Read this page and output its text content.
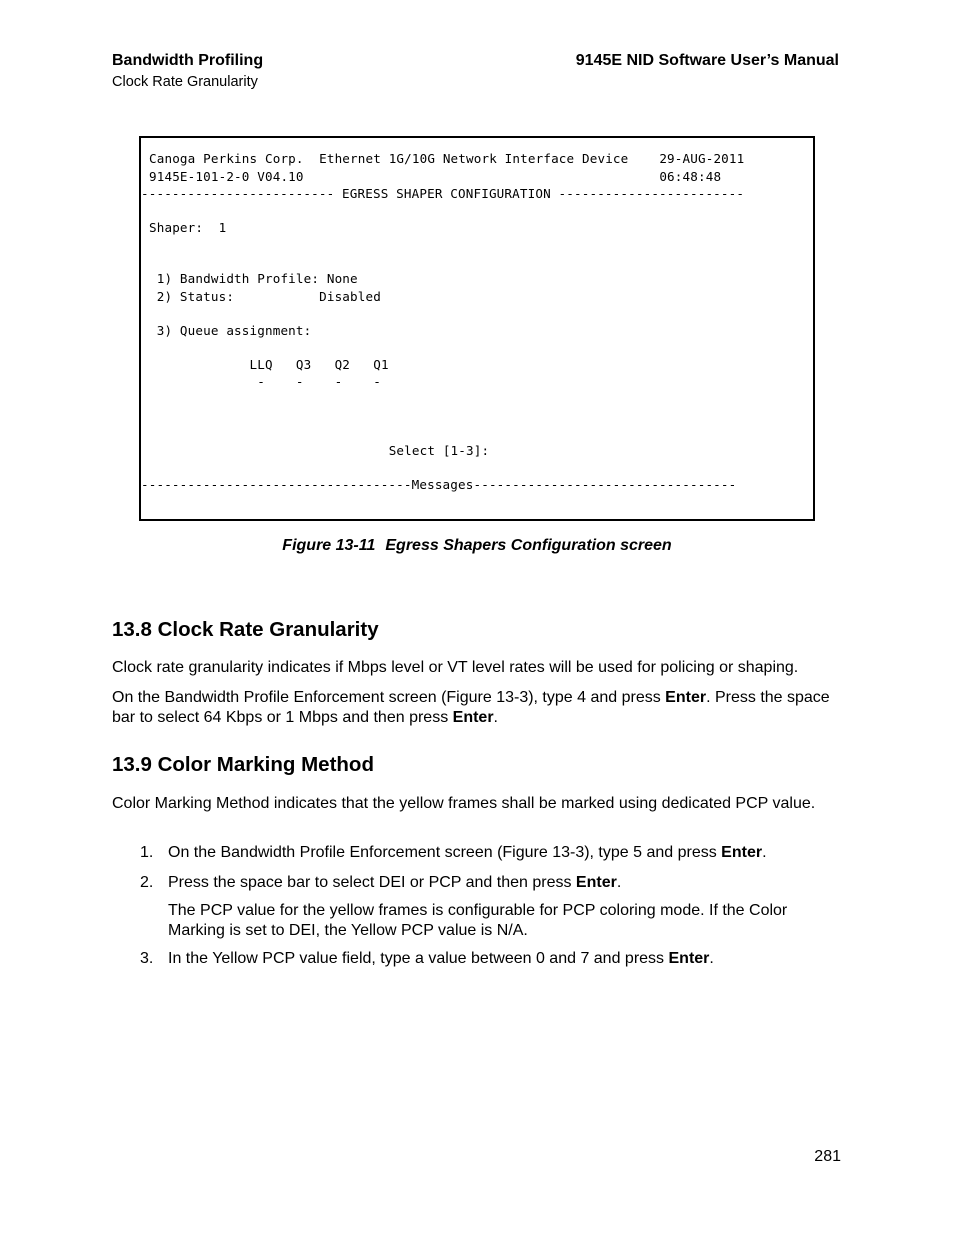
Bandwidth Profiling
Clock Rate Granularity
9145E NID Software User’s Manual
Canoga Perkins Corp.  Ethernet 1G/10G Network Interface Device    29-AUG-2011
9145E-101-2-0 V04.10                                              06:48:48
------------------------- EGRESS SHAPER CONFIGURATION ------------------------
Shaper:  1
1) Bandwidth Profile: None
2) Status:           Disabled
3) Queue assignment:
LLQ   Q3   Q2   Q1
-    -    -    -
Select [1-3]:
-----------------------------------Messages----------------------------------
Figure 13-11 Egress Shapers Configuration screen
13.8 Clock Rate Granularity

Clock rate granularity indicates if Mbps level or VT level rates will be used for policing or shaping.

On the Bandwidth Profile Enforcement screen (Figure 13-3), type 4 and press Enter. Press the space bar to select 64 Kbps or 1 Mbps and then press Enter.

13.9 Color Marking Method

Color Marking Method indicates that the yellow frames shall be marked using dedicated PCP value.

1. On the Bandwidth Profile Enforcement screen (Figure 13-3), type 5 and press Enter.

2. Press the space bar to select DEI or PCP and then press Enter.

The PCP value for the yellow frames is configurable for PCP coloring mode. If the Color Marking is set to DEI, the Yellow PCP value is N/A.

3. In the Yellow PCP value field, type a value between 0 and 7 and press Enter.

281
